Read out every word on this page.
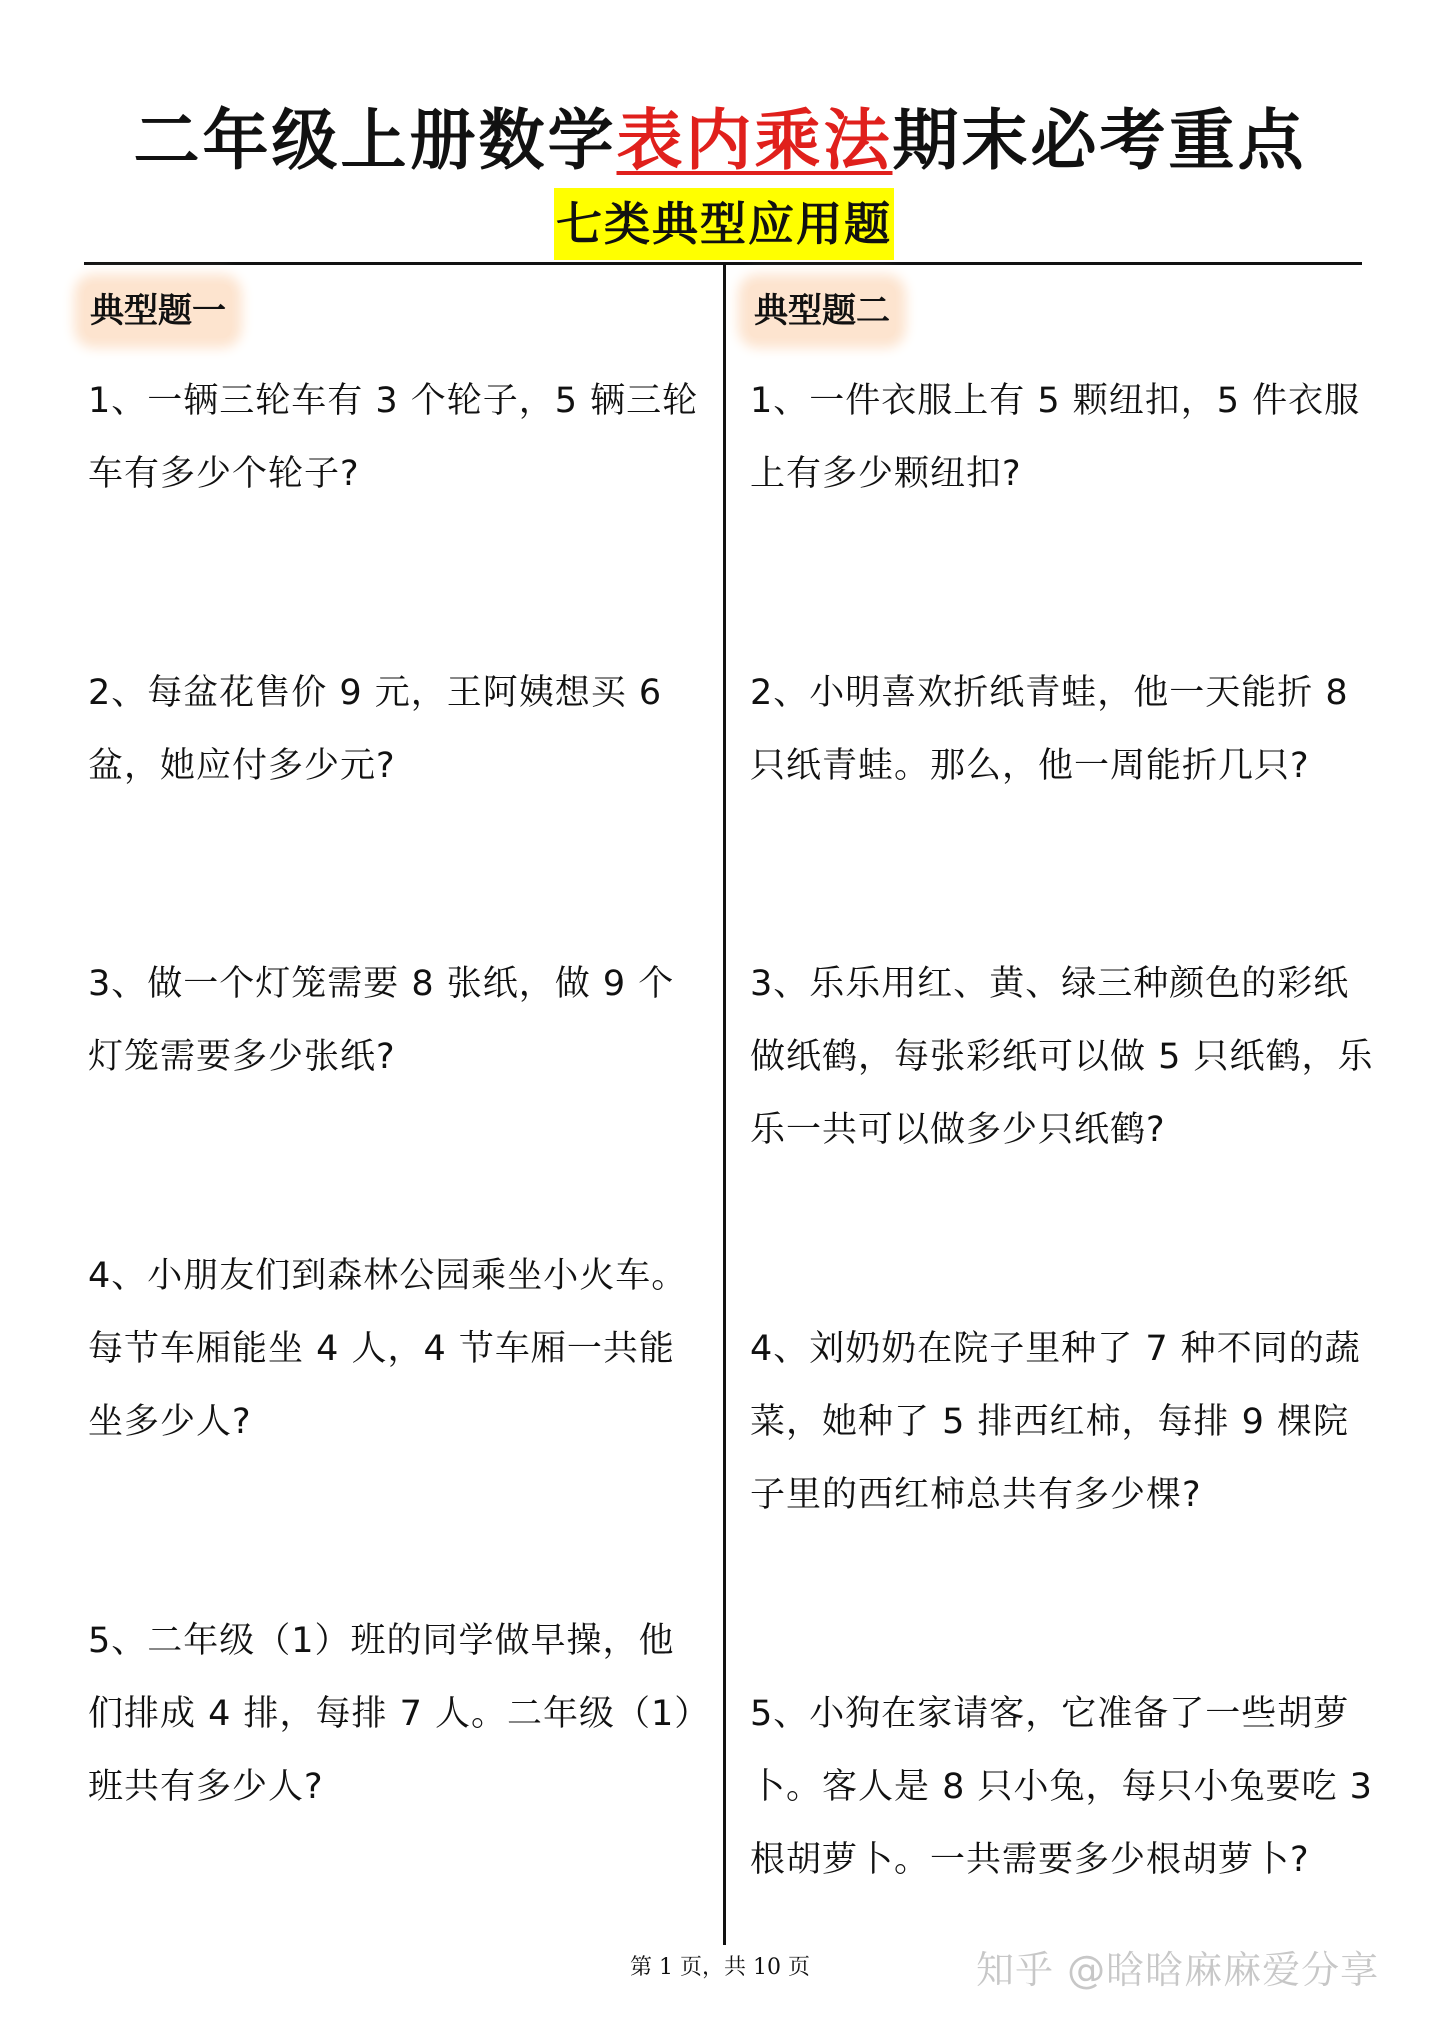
二年级上册数学表内乘法期末必考重点
七类典型应用题
典型题一	典型题二

1、一辆三轮车有 3 个轮子，5 辆三轮车有多少个轮子?

2、每盆花售价 9 元，王阿姨想买 6 盆，她应付多少元?

3、做一个灯笼需要 8 张纸，做 9 个灯笼需要多少张纸?

4、小朋友们到森林公园乘坐小火车。每节车厢能坐 4 人，4 节车厢一共能坐多少人?

5、二年级（1）班的同学做早操，他们排成 4 排，每排 7 人。二年级（1）班共有多少人?

1、一件衣服上有 5 颗纽扣，5 件衣服上有多少颗纽扣?

2、小明喜欢折纸青蛙，他一天能折 8 只纸青蛙。那么，他一周能折几只?

3、乐乐用红、黄、绿三种颜色的彩纸做纸鹤，每张彩纸可以做 5 只纸鹤，乐乐一共可以做多少只纸鹤?

4、刘奶奶在院子里种了 7 种不同的蔬菜，她种了 5 排西红柿，每排 9 棵院子里的西红柿总共有多少棵?

5、小狗在家请客，它准备了一些胡萝卜。客人是 8 只小兔，每只小兔要吃 3 根胡萝卜。一共需要多少根胡萝卜?

第 1 页，共 10 页	知乎 @晗晗麻麻爱分享
